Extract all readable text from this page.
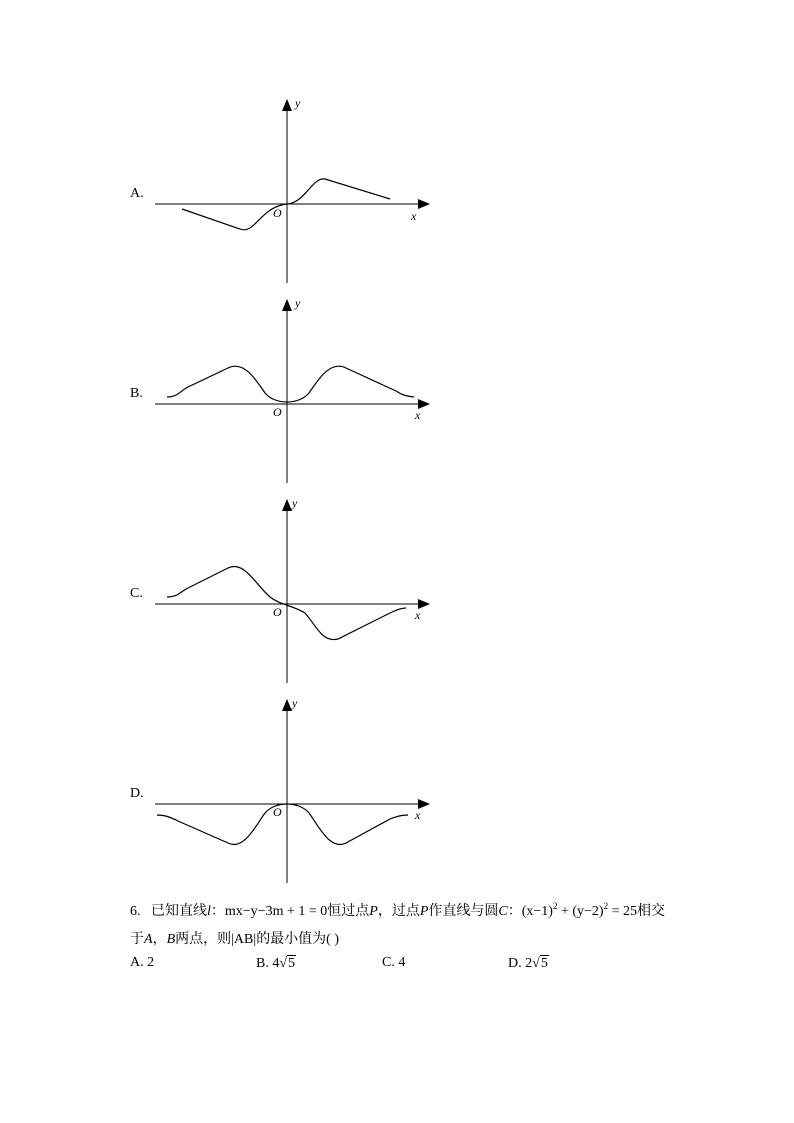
A.
y
x
O
B.
y
x
O
C.
y
x
O
D.
y
x
O
6. 已知直线l：mx−y−3m + 1 = 0恒过点P，过点P作直线与圆C：$(x-1)^2 + (y-2)^2 = 25$相交
于A，B两点，则|AB|的最小值为( )
A. 2	B. 4√5	C. 4	D. 2√5
